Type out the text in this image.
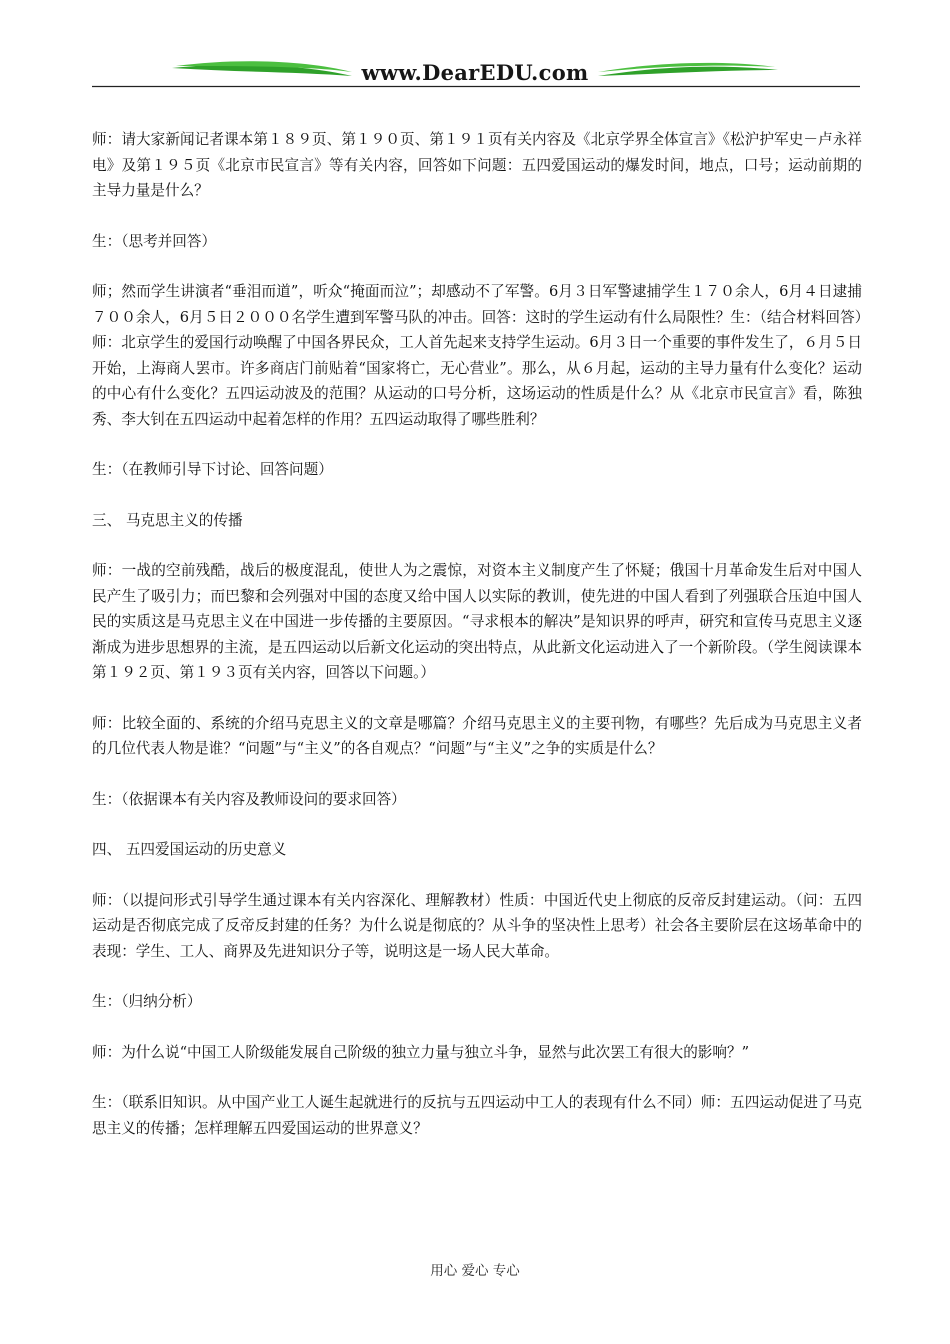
www.DearEDU.com

师：请大家新闻记者课本第１８９页、第１９０页、第１９１页有关内容及《北京学界全体宣言》《松沪护军史－卢永祥电》及第１９５页《北京市民宣言》等有关内容，回答如下问题：五四爱国运动的爆发时间，地点，口号；运动前期的主导力量是什么？

生：（思考并回答）

师；然而学生讲演者“垂泪而道”，听众“掩面而泣”；却感动不了军警。6月３日军警逮捕学生１７０余人，6月４日逮捕７００余人，6月５日２０００名学生遭到军警马队的冲击。回答：这时的学生运动有什么局限性？生：（结合材料回答）师：北京学生的爱国行动唤醒了中国各界民众，工人首先起来支持学生运动。6月３日一个重要的事件发生了，６月５日开始，上海商人罢市。许多商店门前贴着“国家将亡，无心营业”。那么，从６月起，运动的主导力量有什么变化？运动的中心有什么变化？五四运动波及的范围？从运动的口号分析，这场运动的性质是什么？从《北京市民宣言》看，陈独秀、李大钊在五四运动中起着怎样的作用？五四运动取得了哪些胜利？

生：（在教师引导下讨论、回答问题）

三、 马克思主义的传播

师：一战的空前残酷，战后的极度混乱，使世人为之震惊，对资本主义制度产生了怀疑；俄国十月革命发生后对中国人民产生了吸引力；而巴黎和会列强对中国的态度又给中国人以实际的教训，使先进的中国人看到了列强联合压迫中国人民的实质这是马克思主义在中国进一步传播的主要原因。“寻求根本的解决”是知识界的呼声，研究和宣传马克思主义逐渐成为进步思想界的主流，是五四运动以后新文化运动的突出特点，从此新文化运动进入了一个新阶段。（学生阅读课本第１９２页、第１９３页有关内容，回答以下问题。）

师：比较全面的、系统的介绍马克思主义的文章是哪篇？介绍马克思主义的主要刊物，有哪些？先后成为马克思主义者的几位代表人物是谁？“问题”与“主义”的各自观点？“问题”与“主义”之争的实质是什么？

生：（依据课本有关内容及教师设问的要求回答）

四、 五四爱国运动的历史意义

师：（以提问形式引导学生通过课本有关内容深化、理解教材）性质：中国近代史上彻底的反帝反封建运动。（问：五四运动是否彻底完成了反帝反封建的任务？为什么说是彻底的？从斗争的坚决性上思考）社会各主要阶层在这场革命中的表现：学生、工人、商界及先进知识分子等，说明这是一场人民大革命。

生：（归纳分析）

师：为什么说“中国工人阶级能发展自己阶级的独立力量与独立斗争，显然与此次罢工有很大的影响？”

生：（联系旧知识。从中国产业工人诞生起就进行的反抗与五四运动中工人的表现有什么不同）师：五四运动促进了马克思主义的传播；怎样理解五四爱国运动的世界意义？

用心 爱心 专心
